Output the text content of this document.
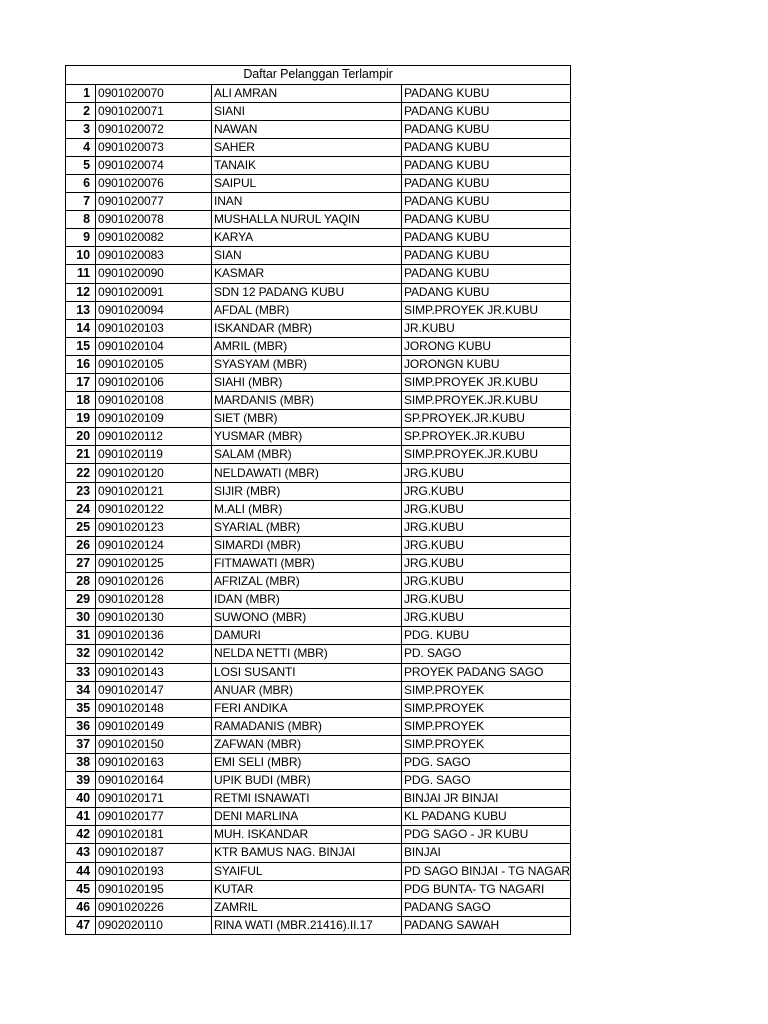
Daftar Pelanggan Terlampir			
1	0901020070	ALI AMRAN	PADANG KUBU
2	0901020071	SIANI	PADANG KUBU
3	0901020072	NAWAN	PADANG KUBU
4	0901020073	SAHER	PADANG KUBU
5	0901020074	TANAIK	PADANG KUBU
6	0901020076	SAIPUL	PADANG KUBU
7	0901020077	INAN	PADANG KUBU
8	0901020078	MUSHALLA NURUL YAQIN	PADANG KUBU
9	0901020082	KARYA	PADANG KUBU
10	0901020083	SIAN	PADANG KUBU
11	0901020090	KASMAR	PADANG KUBU
12	0901020091	SDN 12 PADANG KUBU	PADANG KUBU
13	0901020094	AFDAL (MBR)	SIMP.PROYEK JR.KUBU
14	0901020103	ISKANDAR (MBR)	JR.KUBU
15	0901020104	AMRIL (MBR)	JORONG KUBU
16	0901020105	SYASYAM (MBR)	JORONGN KUBU
17	0901020106	SIAHI (MBR)	SIMP.PROYEK JR.KUBU
18	0901020108	MARDANIS (MBR)	SIMP.PROYEK.JR.KUBU
19	0901020109	SIET (MBR)	SP.PROYEK.JR.KUBU
20	0901020112	YUSMAR (MBR)	SP.PROYEK.JR.KUBU
21	0901020119	SALAM (MBR)	SIMP.PROYEK.JR.KUBU
22	0901020120	NELDAWATI (MBR)	JRG.KUBU
23	0901020121	SIJIR (MBR)	JRG.KUBU
24	0901020122	M.ALI (MBR)	JRG.KUBU
25	0901020123	SYARIAL (MBR)	JRG.KUBU
26	0901020124	SIMARDI (MBR)	JRG.KUBU
27	0901020125	FITMAWATI (MBR)	JRG.KUBU
28	0901020126	AFRIZAL (MBR)	JRG.KUBU
29	0901020128	IDAN (MBR)	JRG.KUBU
30	0901020130	SUWONO (MBR)	JRG.KUBU
31	0901020136	DAMURI	PDG. KUBU
32	0901020142	NELDA NETTI (MBR)	PD. SAGO
33	0901020143	LOSI SUSANTI	PROYEK PADANG SAGO
34	0901020147	ANUAR (MBR)	SIMP.PROYEK
35	0901020148	FERI ANDIKA	SIMP.PROYEK
36	0901020149	RAMADANIS (MBR)	SIMP.PROYEK
37	0901020150	ZAFWAN (MBR)	SIMP.PROYEK
38	0901020163	EMI SELI (MBR)	PDG. SAGO
39	0901020164	UPIK BUDI (MBR)	PDG. SAGO
40	0901020171	RETMI ISNAWATI	BINJAI JR BINJAI
41	0901020177	DENI MARLINA	KL PADANG KUBU
42	0901020181	MUH. ISKANDAR	PDG SAGO - JR KUBU
43	0901020187	KTR BAMUS NAG. BINJAI	BINJAI
44	0901020193	SYAIFUL	PD SAGO BINJAI - TG NAGAR
45	0901020195	KUTAR	PDG BUNTA- TG NAGARI
46	0901020226	ZAMRIL	PADANG SAGO
47	0902020110	RINA WATI (MBR.21416).II.17	PADANG SAWAH
